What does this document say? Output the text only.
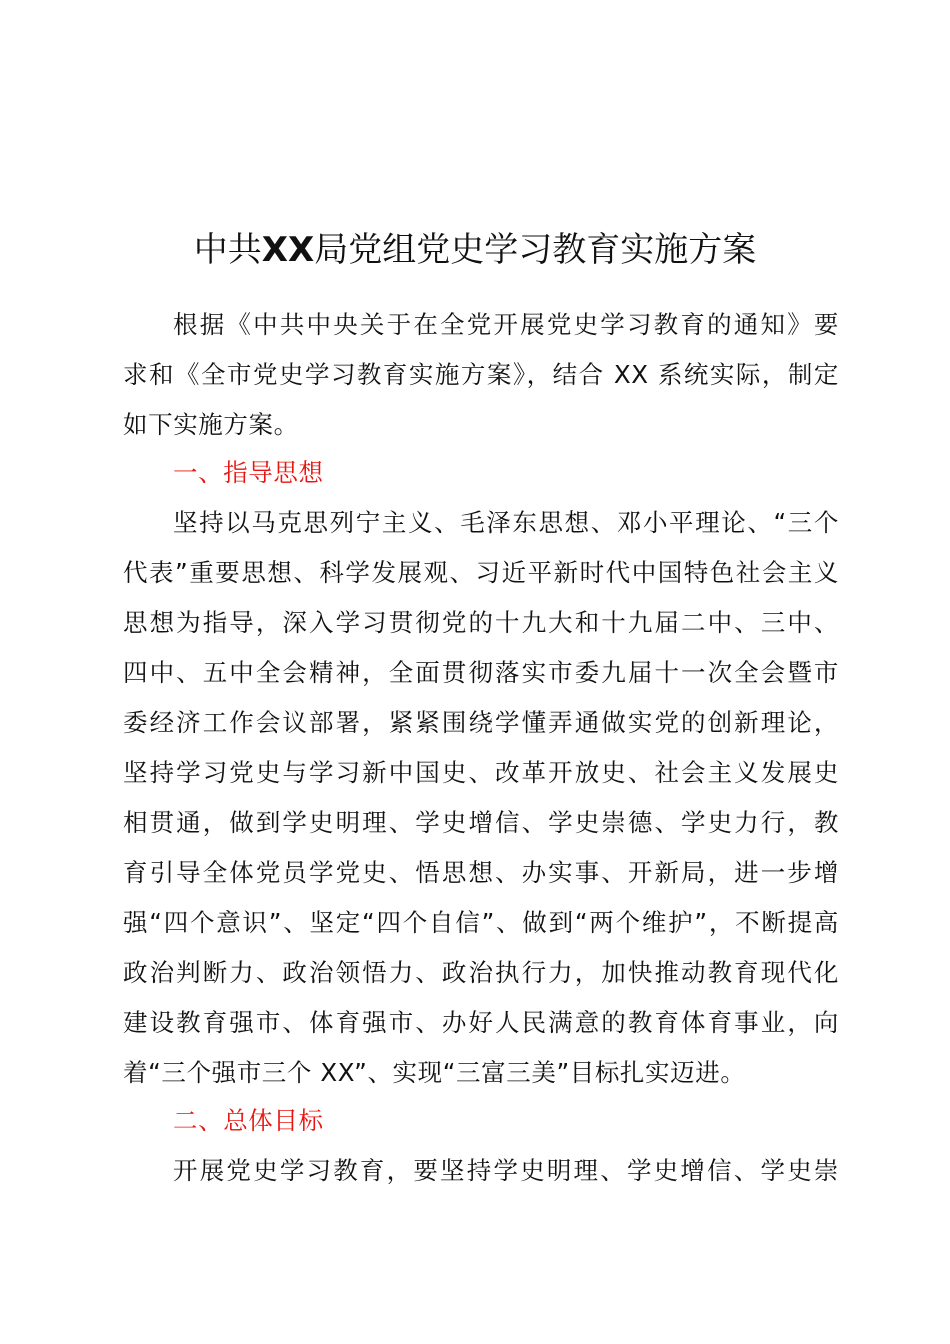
中共XX局党组党史学习教育实施方案
根据《中共中央关于在全党开展党史学习教育的通知》要
求和《全市党史学习教育实施方案》，结合 XX 系统实际，制定
如下实施方案。
一、指导思想
坚持以马克思列宁主义、毛泽东思想、邓小平理论、“三个
代表”重要思想、科学发展观、习近平新时代中国特色社会主义
思想为指导，深入学习贯彻党的十九大和十九届二中、三中、
四中、五中全会精神，全面贯彻落实市委九届十一次全会暨市
委经济工作会议部署，紧紧围绕学懂弄通做实党的创新理论，
坚持学习党史与学习新中国史、改革开放史、社会主义发展史
相贯通，做到学史明理、学史增信、学史崇德、学史力行，教
育引导全体党员学党史、悟思想、办实事、开新局，进一步增
强“四个意识”、坚定“四个自信”、做到“两个维护”，不断提高
政治判断力、政治领悟力、政治执行力，加快推动教育现代化
建设教育强市、体育强市、办好人民满意的教育体育事业，向
着“三个强市三个 XX”、实现“三富三美”目标扎实迈进。
二、总体目标
开展党史学习教育，要坚持学史明理、学史增信、学史崇
